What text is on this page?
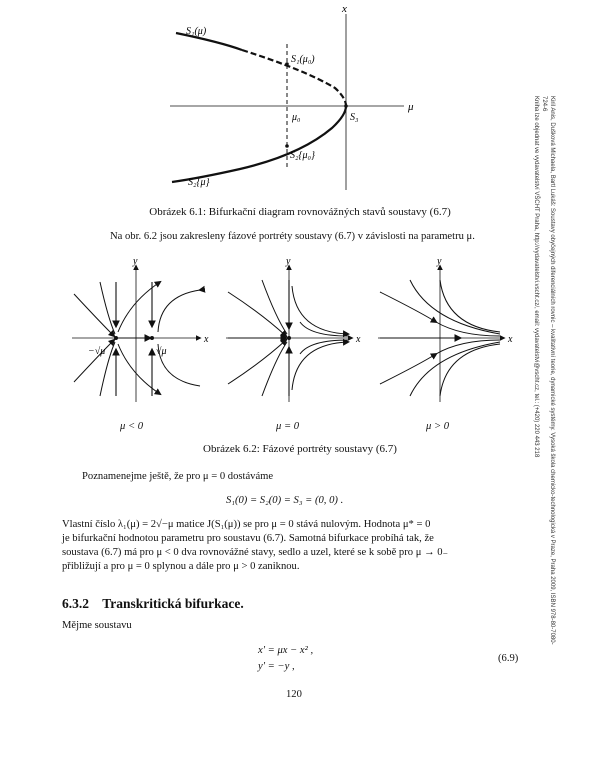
x
μ
S₁(μ)
S₁(μ₀)
μ₀	S₃
S₂{μ₀}
S₂{μ}
Obrázek 6.1: Bifurkační diagram rovnovážných stavů soustavy (6.7)
Na obr. 6.2 jsou zakresleny fázové portréty soustavy (6.7) v závislosti na parametru μ.
y
x
−√μ	√μ
y
x
y
x
μ < 0	μ = 0	μ > 0
Obrázek 6.2: Fázové portréty soustavy (6.7)
Poznamenejme ještě, že pro μ = 0 dostáváme
S₁(0) = S₂(0) = S₃ = (0, 0) .
Vlastní číslo λ₁(μ) = 2√−μ matice J(S₁(μ)) se pro μ = 0 stává nulovým. Hodnota μ* = 0
je bifurkační hodnotou parametru pro soustavu (6.7). Samotná bifurkace probíhá tak, že
soustava (6.7) má pro μ < 0 dva rovnovážné stavy, sedlo a uzel, které se k sobě pro μ → 0₋
přibližují a pro μ = 0 splynou a dále pro μ > 0 zaniknou.
6.3.2 Transkritická bifurkace.
Mějme soustavu
x′ = μx − x² ,
y′ = −y ,
(6.9)
120
Kiril Anis, Dušková Michaela, Bartl Lukáš: Soustavy obyčejných diferenciálních rovnic – kvalitativní teorie, dynamické systémy. Vysoká škola chemicko-technologická v Praze, Praha 2009, ISBN 978-80-7080-724-6
Kniha lze objednat ve vydavatelství VŠCHT Praha, http://vydavatelstvi.vscht.cz/, email: vydavatelstvi@vscht.cz, tel.: (+420) 220 443 218
